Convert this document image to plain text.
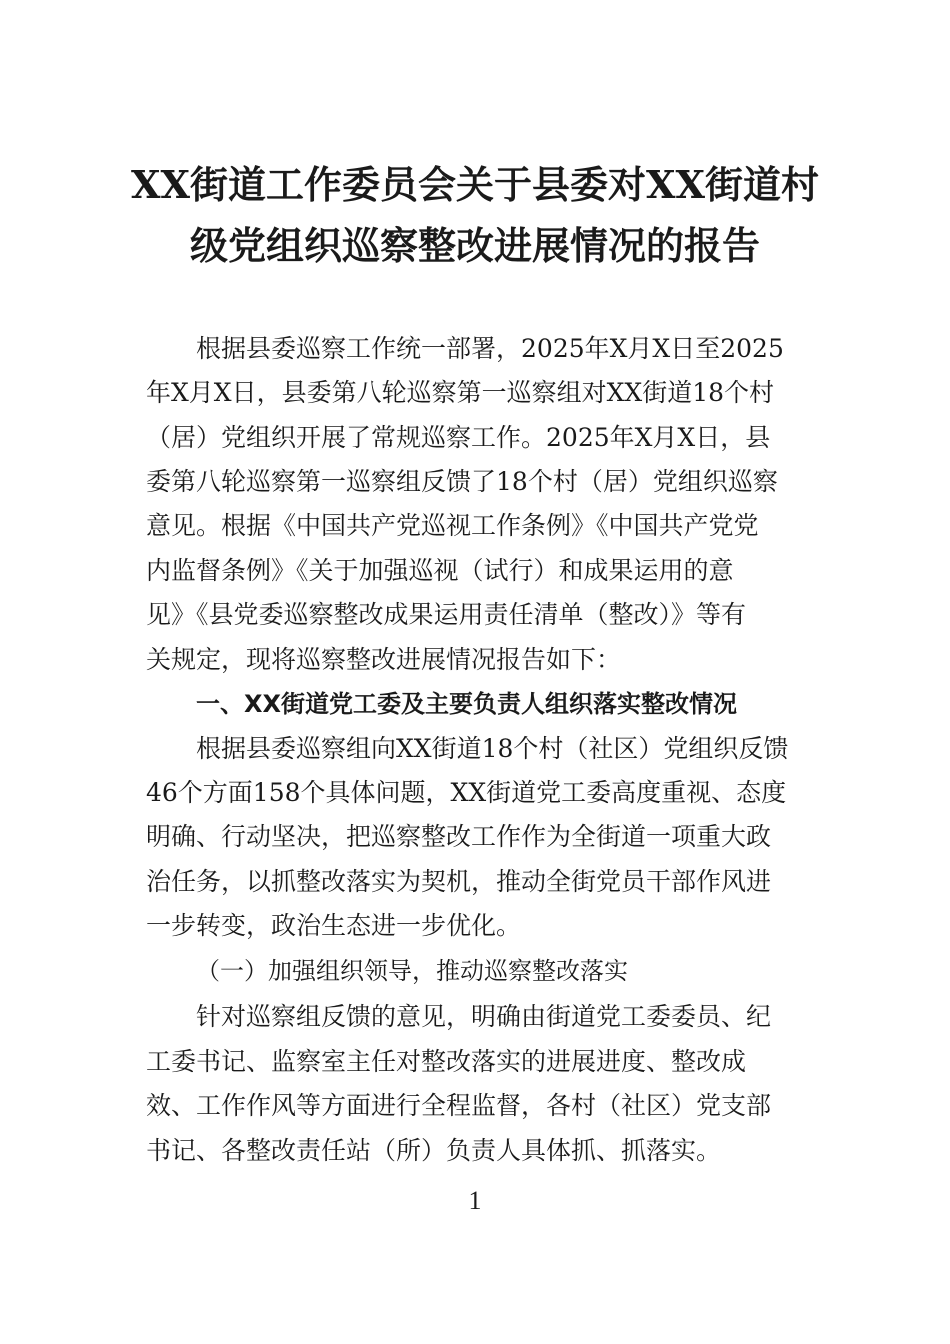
XX街道工作委员会关于县委对XX街道村
级党组织巡察整改进展情况的报告
根据县委巡察工作统一部署，2025年X月X日至2025
年X月X日，县委第八轮巡察第一巡察组对XX街道18个村
（居）党组织开展了常规巡察工作。2025年X月X日，县
委第八轮巡察第一巡察组反馈了18个村（居）党组织巡察
意见。根据《中国共产党巡视工作条例》《中国共产党党
内监督条例》《关于加强巡视（试行）和成果运用的意
见》《县党委巡察整改成果运用责任清单（整改）》等有
关规定，现将巡察整改进展情况报告如下：
一、XX街道党工委及主要负责人组织落实整改情况
根据县委巡察组向XX街道18个村（社区）党组织反馈
46个方面158个具体问题，XX街道党工委高度重视、态度
明确、行动坚决，把巡察整改工作作为全街道一项重大政
治任务，以抓整改落实为契机，推动全街党员干部作风进
一步转变，政治生态进一步优化。
（一）加强组织领导，推动巡察整改落实
针对巡察组反馈的意见，明确由街道党工委委员、纪
工委书记、监察室主任对整改落实的进展进度、整改成
效、工作作风等方面进行全程监督，各村（社区）党支部
书记、各整改责任站（所）负责人具体抓、抓落实。
1
